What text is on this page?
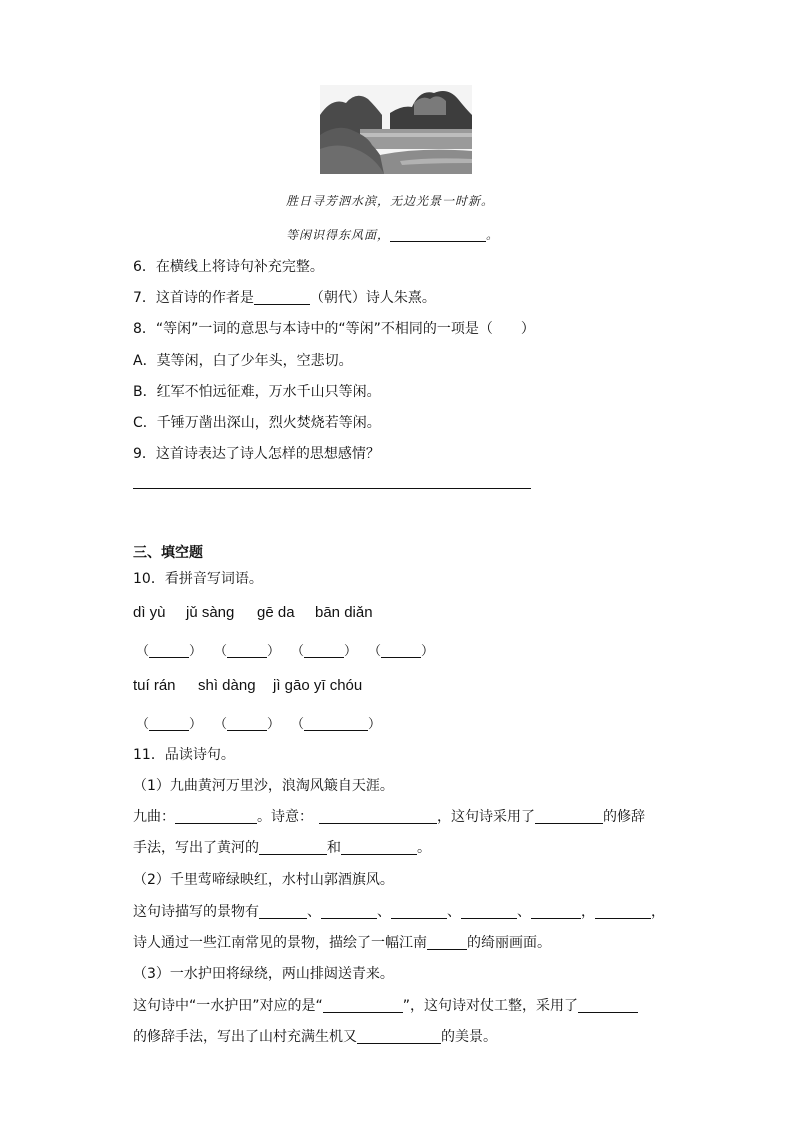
胜日寻芳泗水滨，无边光景一时新。
等闲识得东风面，	。
6．在横线上将诗句补充完整。
7．这首诗的作者是	（朝代）诗人朱熹。
8．“等闲”一词的意思与本诗中的“等闲”不相同的一项是（　　）
A．莫等闲，白了少年头，空悲切。
B．红军不怕远征难，万水千山只等闲。
C．千锤万凿出深山，烈火焚烧若等闲。
9．这首诗表达了诗人怎样的思想感情？
三、填空题
10．看拼音写词语。
dì yù jǔ sàng gē da bān diǎn
（	） （	） （	） （	）
tuí rán shì dàng jì gāo yī chóu
（	） （	） （	）
11．品读诗句。
（1）九曲黄河万里沙，浪淘风簸自天涯。
九曲：	。诗意：	，这句诗采用了	的修辞
手法，写出了黄河的	和	。
（2）千里莺啼绿映红，水村山郭酒旗风。
这句诗描写的景物有	、	、	、	、	，	，
诗人通过一些江南常见的景物，描绘了一幅江南	的绮丽画面。
（3）一水护田将绿绕，两山排闼送青来。
这句诗中“一水护田”对应的是“	”，这句诗对仗工整，采用了
的修辞手法，写出了山村充满生机又	的美景。
